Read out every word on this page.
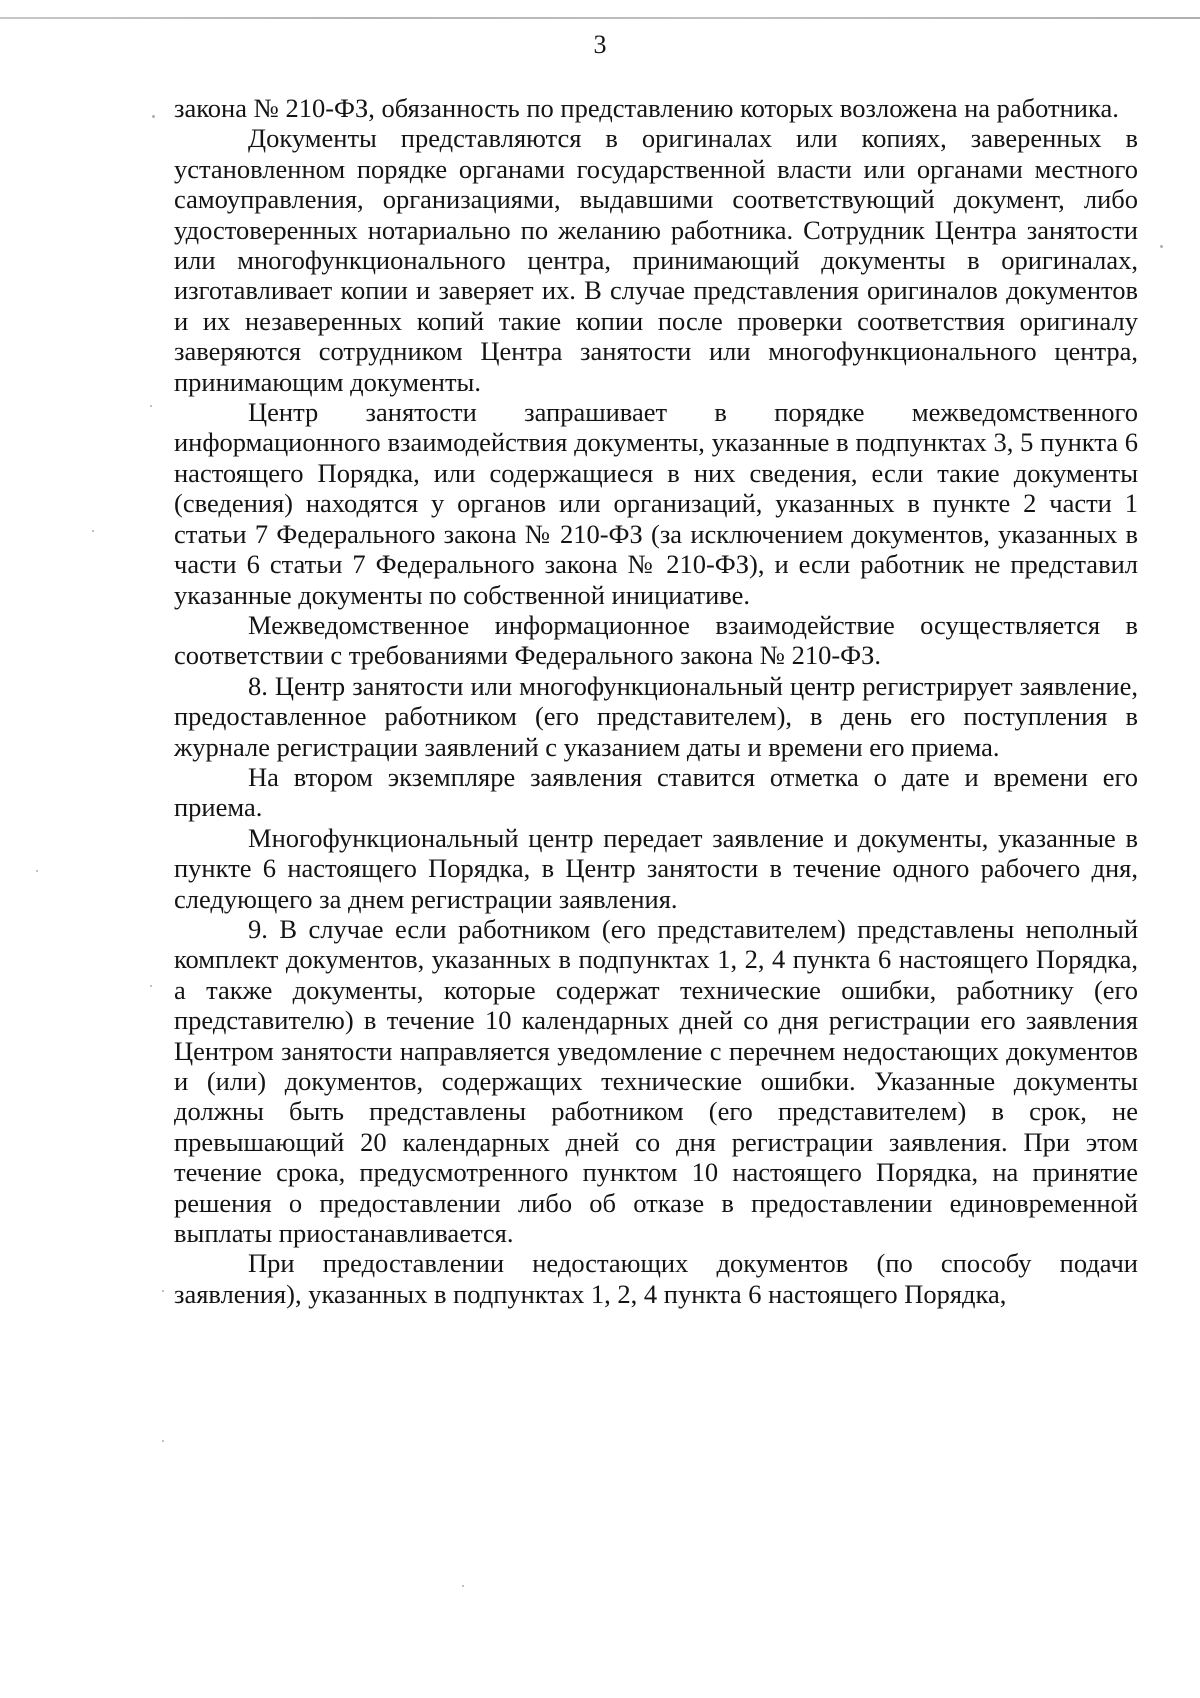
3

закона № 210-ФЗ, обязанность по представлению которых возложена на работника.

Документы представляются в оригиналах или копиях, заверенных в установленном порядке органами государственной власти или органами местного самоуправления, организациями, выдавшими соответствующий документ, либо удостоверенных нотариально по желанию работника. Сотрудник Центра занятости или многофункционального центра, принимающий документы в оригиналах, изготавливает копии и заверяет их. В случае представления оригиналов документов и их незаверенных копий такие копии после проверки соответствия оригиналу заверяются сотрудником Центра занятости или многофункционального центра, принимающим документы.

Центр занятости запрашивает в порядке межведомственного информационного взаимодействия документы, указанные в подпунктах 3, 5 пункта 6 настоящего Порядка, или содержащиеся в них сведения, если такие документы (сведения) находятся у органов или организаций, указанных в пункте 2 части 1 статьи 7 Федерального закона № 210-ФЗ (за исключением документов, указанных в части 6 статьи 7 Федерального закона № 210-ФЗ), и если работник не представил указанные документы по собственной инициативе.

Межведомственное информационное взаимодействие осуществляется в соответствии с требованиями Федерального закона № 210-ФЗ.

8. Центр занятости или многофункциональный центр регистрирует заявление, предоставленное работником (его представителем), в день его поступления в журнале регистрации заявлений с указанием даты и времени его приема.

На втором экземпляре заявления ставится отметка о дате и времени его приема.

Многофункциональный центр передает заявление и документы, указанные в пункте 6 настоящего Порядка, в Центр занятости в течение одного рабочего дня, следующего за днем регистрации заявления.

9. В случае если работником (его представителем) представлены неполный комплект документов, указанных в подпунктах 1, 2, 4 пункта 6 настоящего Порядка, а также документы, которые содержат технические ошибки, работнику (его представителю) в течение 10 календарных дней со дня регистрации его заявления Центром занятости направляется уведомление с перечнем недостающих документов и (или) документов, содержащих технические ошибки. Указанные документы должны быть представлены работником (его представителем) в срок, не превышающий 20 календарных дней со дня регистрации заявления. При этом течение срока, предусмотренного пунктом 10 настоящего Порядка, на принятие решения о предоставлении либо об отказе в предоставлении единовременной выплаты приостанавливается.

При предоставлении недостающих документов (по способу подачи заявления), указанных в подпунктах 1, 2, 4 пункта 6 настоящего Порядка,
